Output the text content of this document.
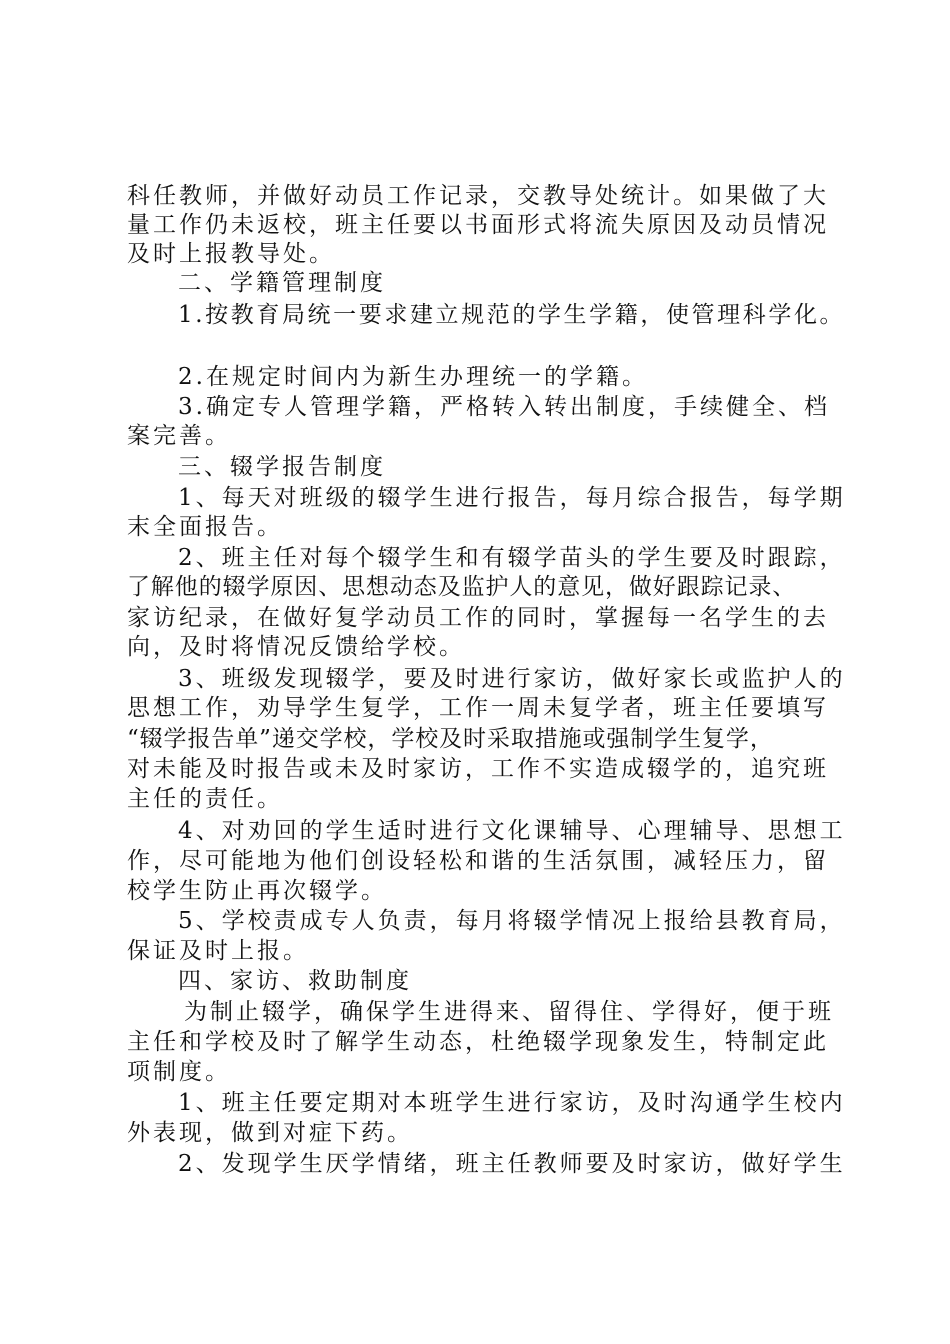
科任教师，并做好动员工作记录，交教导处统计。如果做了大
量工作仍未返校，班主任要以书面形式将流失原因及动员情况
及时上报教导处。
二、学籍管理制度
1.按教育局统一要求建立规范的学生学籍，使管理科学化。
2.在规定时间内为新生办理统一的学籍。
3.确定专人管理学籍，严格转入转出制度，手续健全、档
案完善。
三、辍学报告制度
1、每天对班级的辍学生进行报告，每月综合报告，每学期
末全面报告。
2、班主任对每个辍学生和有辍学苗头的学生要及时跟踪，
了解他的辍学原因、思想动态及监护人的意见，做好跟踪记录、
家访纪录，在做好复学动员工作的同时，掌握每一名学生的去
向，及时将情况反馈给学校。
3、班级发现辍学，要及时进行家访，做好家长或监护人的
思想工作，劝导学生复学，工作一周未复学者，班主任要填写
“辍学报告单”递交学校，学校及时采取措施或强制学生复学，
对未能及时报告或未及时家访，工作不实造成辍学的，追究班
主任的责任。
4、对劝回的学生适时进行文化课辅导、心理辅导、思想工
作，尽可能地为他们创设轻松和谐的生活氛围，减轻压力，留
校学生防止再次辍学。
5、学校责成专人负责，每月将辍学情况上报给县教育局，
保证及时上报。
四、家访、救助制度
为制止辍学，确保学生进得来、留得住、学得好，便于班
主任和学校及时了解学生动态，杜绝辍学现象发生，特制定此
项制度。
1、班主任要定期对本班学生进行家访，及时沟通学生校内
外表现，做到对症下药。
2、发现学生厌学情绪，班主任教师要及时家访，做好学生
